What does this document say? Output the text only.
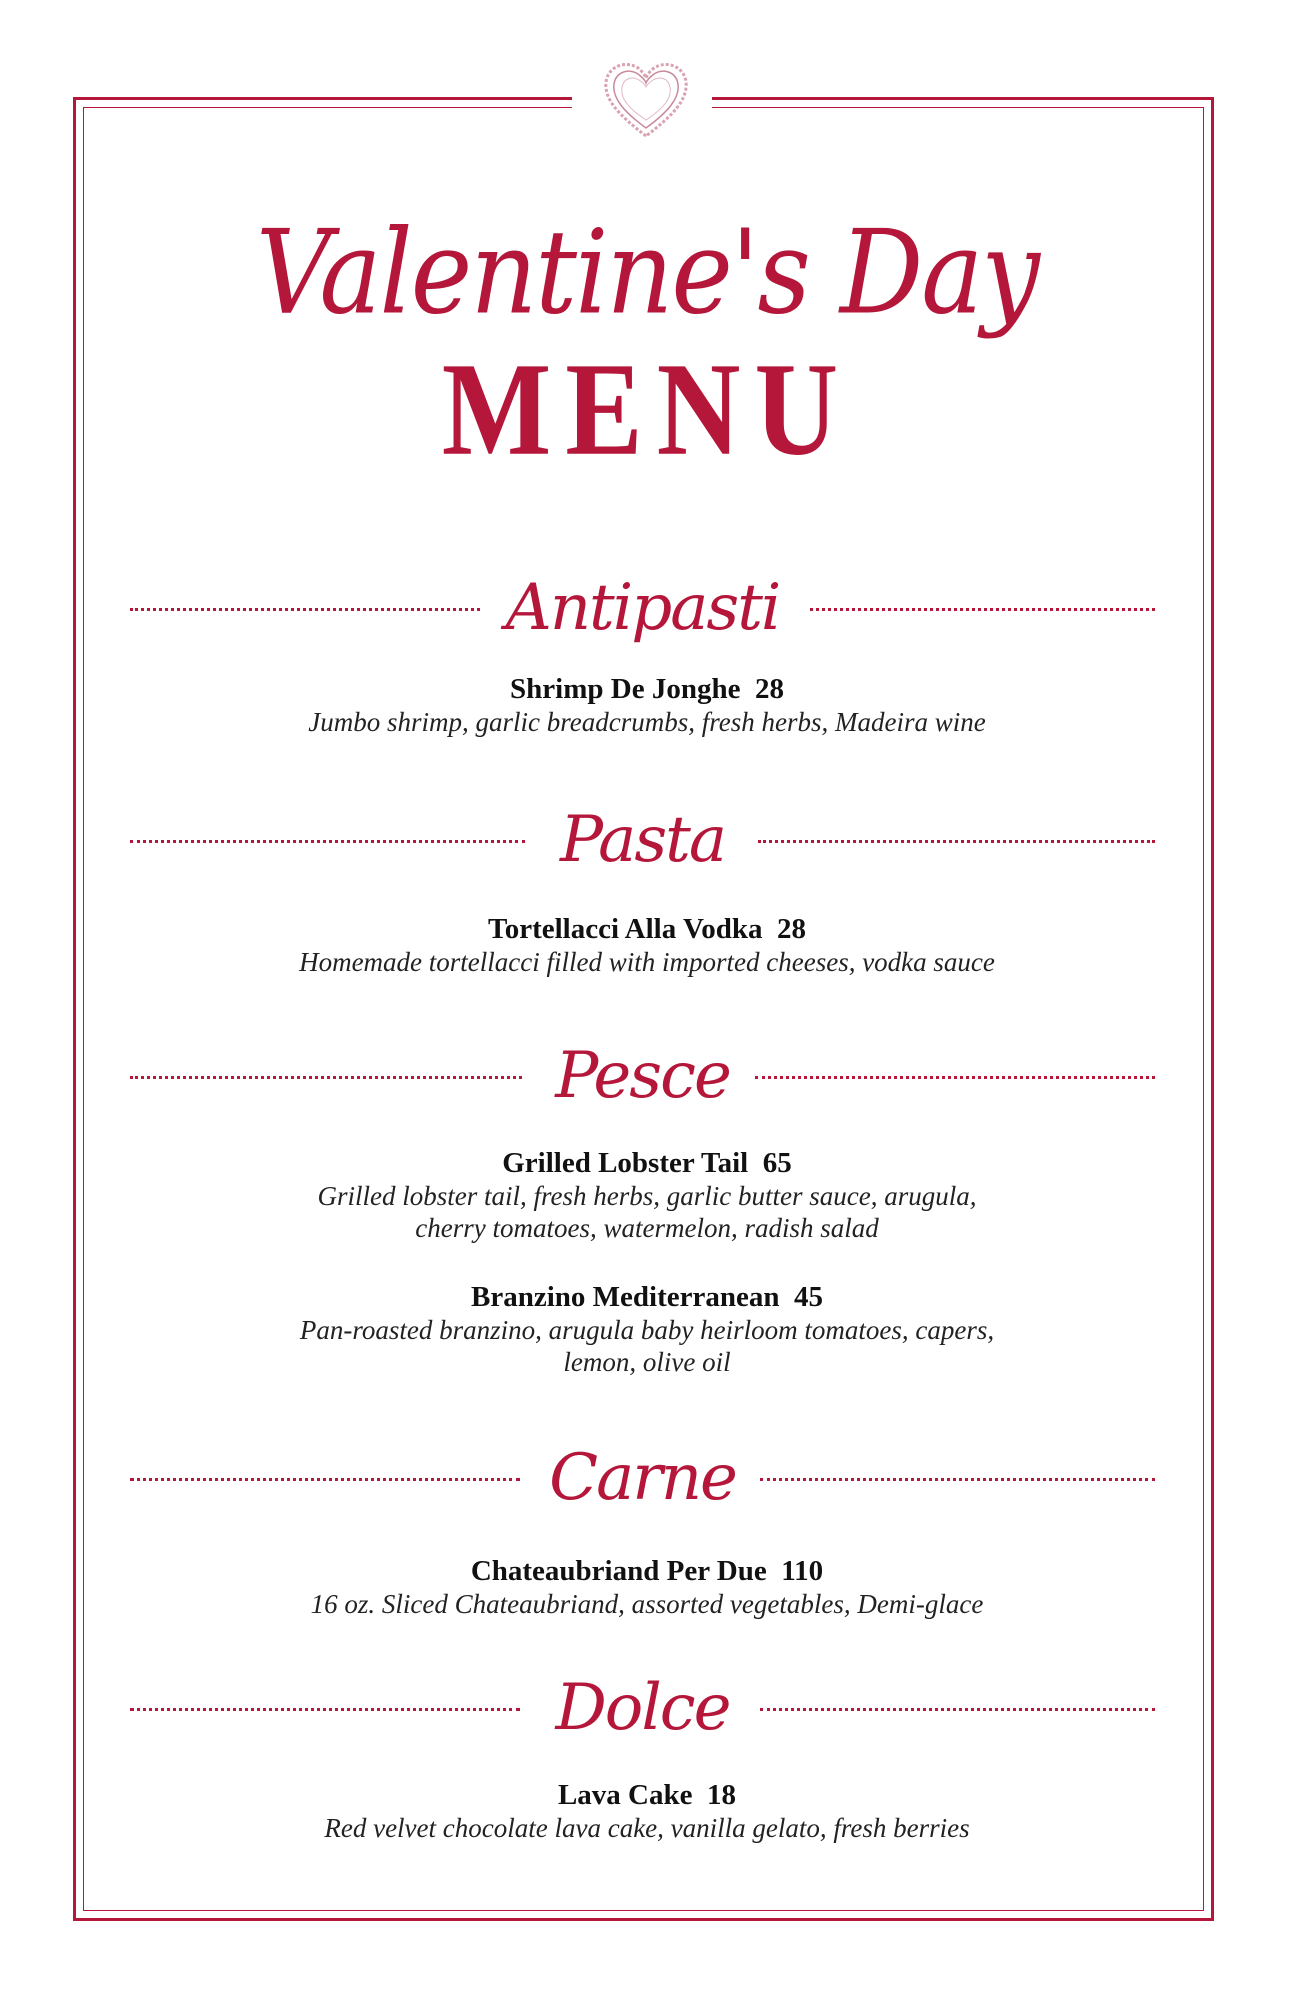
Valentine's Day
MENU
Antipasti
Shrimp De Jonghe 28
Jumbo shrimp, garlic breadcrumbs, fresh herbs, Madeira wine
Pasta
Tortellacci Alla Vodka 28
Homemade tortellacci filled with imported cheeses, vodka sauce
Pesce
Grilled Lobster Tail 65
Grilled lobster tail, fresh herbs, garlic butter sauce, arugula,
cherry tomatoes, watermelon, radish salad
Branzino Mediterranean 45
Pan-roasted branzino, arugula baby heirloom tomatoes, capers,
lemon, olive oil
Carne
Chateaubriand Per Due 110
16 oz. Sliced Chateaubriand, assorted vegetables, Demi-glace
Dolce
Lava Cake 18
Red velvet chocolate lava cake, vanilla gelato, fresh berries
